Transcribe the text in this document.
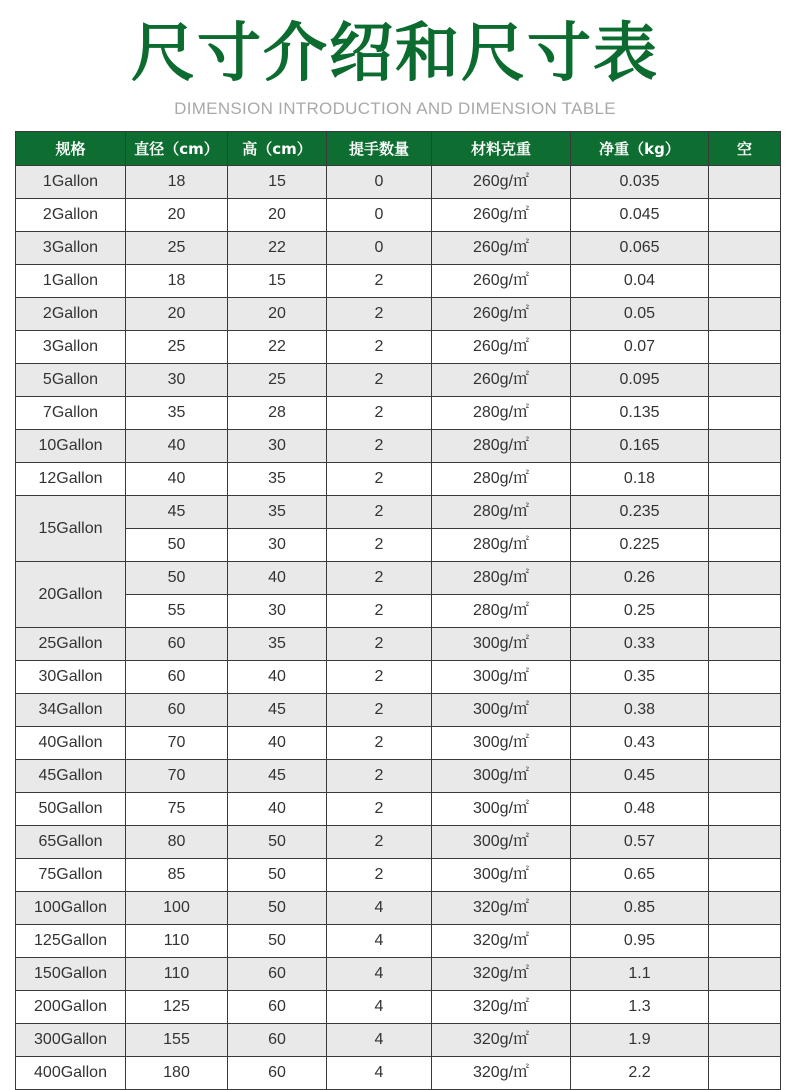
尺寸介绍和尺寸表

DIMENSION INTRODUCTION AND DIMENSION TABLE

规格	直径（cm）	高（cm）	提手数量	材料克重	净重（kg）	空
1Gallon	18	15	0	260g/㎡	0.035	
2Gallon	20	20	0	260g/㎡	0.045	
3Gallon	25	22	0	260g/㎡	0.065	
1Gallon	18	15	2	260g/㎡	0.04	
2Gallon	20	20	2	260g/㎡	0.05	
3Gallon	25	22	2	260g/㎡	0.07	
5Gallon	30	25	2	260g/㎡	0.095	
7Gallon	35	28	2	280g/㎡	0.135	
10Gallon	40	30	2	280g/㎡	0.165	
12Gallon	40	35	2	280g/㎡	0.18	
15Gallon	45	35	2	280g/㎡	0.235	
	50	30	2	280g/㎡	0.225	
20Gallon	50	40	2	280g/㎡	0.26	
	55	30	2	280g/㎡	0.25	
25Gallon	60	35	2	300g/㎡	0.33	
30Gallon	60	40	2	300g/㎡	0.35	
34Gallon	60	45	2	300g/㎡	0.38	
40Gallon	70	40	2	300g/㎡	0.43	
45Gallon	70	45	2	300g/㎡	0.45	
50Gallon	75	40	2	300g/㎡	0.48	
65Gallon	80	50	2	300g/㎡	0.57	
75Gallon	85	50	2	300g/㎡	0.65	
100Gallon	100	50	4	320g/㎡	0.85	
125Gallon	110	50	4	320g/㎡	0.95	
150Gallon	110	60	4	320g/㎡	1.1	
200Gallon	125	60	4	320g/㎡	1.3	
300Gallon	155	60	4	320g/㎡	1.9	
400Gallon	180	60	4	320g/㎡	2.2	
